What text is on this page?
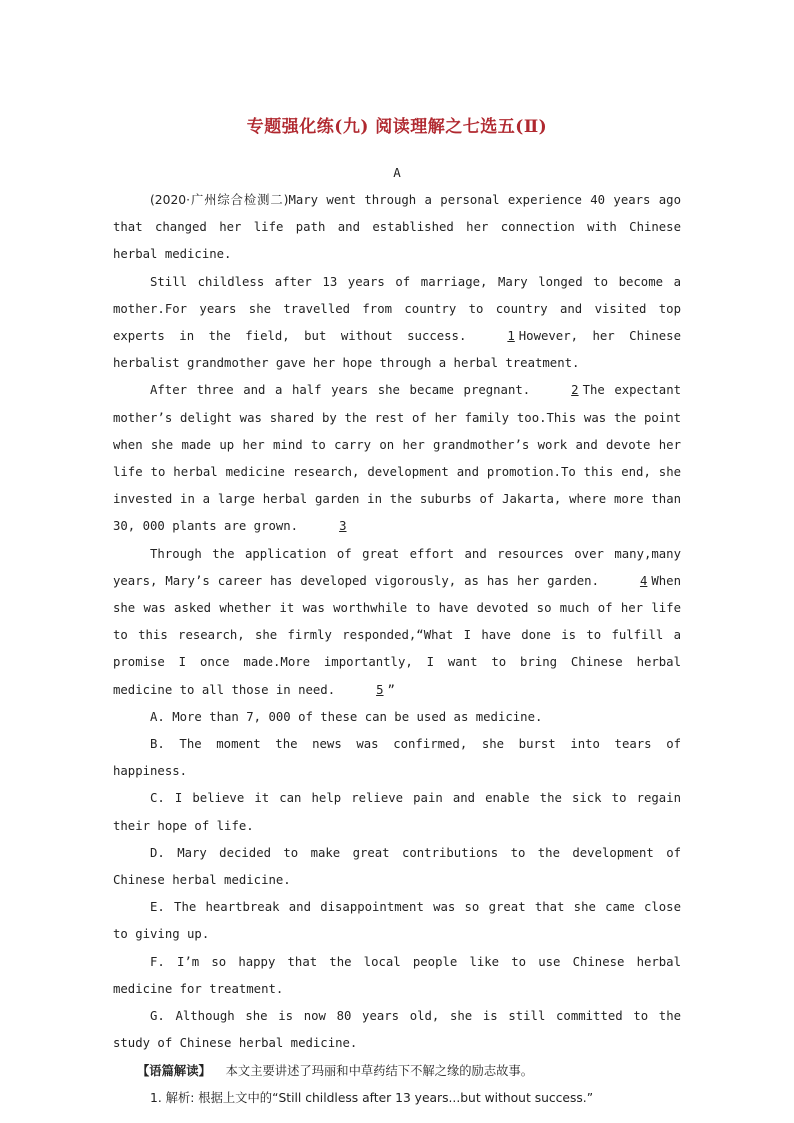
专题强化练(九) 阅读理解之七选五(Ⅱ)
A

(2020·广州综合检测二)Mary went through a personal experience 40 years ago that changed her life path and established her connection with Chinese herbal medicine.

Still childless after 13 years of marriage, Mary longed to become a mother.For years she travelled from country to country and visited top experts in the field, but without success.	1 However, her Chinese herbalist grandmother gave her hope through a herbal treatment.

After three and a half years she became pregnant.	2 The expectant mother’s delight was shared by the rest of her family too.This was the point when she made up her mind to carry on her grandmother’s work and devote her life to herbal medicine research, development and promotion.To this end, she invested in a large herbal garden in the suburbs of Jakarta, where more than 30, 000 plants are grown.	3

Through the application of great effort and resources over many,many years, Mary’s career has developed vigorously, as has her garden.	4 When she was asked whether it was worthwhile to have devoted so much of her life to this research, she firmly responded,“What I have done is to fulfill a promise I once made.More importantly, I want to bring Chinese herbal medicine to all those in need.	5 ”

A. More than 7, 000 of these can be used as medicine.

B. The moment the news was confirmed, she burst into tears of happiness.

C. I believe it can help relieve pain and enable the sick to regain their hope of life.

D. Mary decided to make great contributions to the development of Chinese herbal medicine.

E. The heartbreak and disappointment was so great that she came close to giving up.

F. I’m so happy that the local people like to use Chinese herbal medicine for treatment.

G. Although she is now 80 years old, she is still committed to the study of Chinese herbal medicine.

【语篇解读】 本文主要讲述了玛丽和中草药结下不解之缘的励志故事。

1. 解析: 根据上文中的“Still childless after 13 years...but without success.”
